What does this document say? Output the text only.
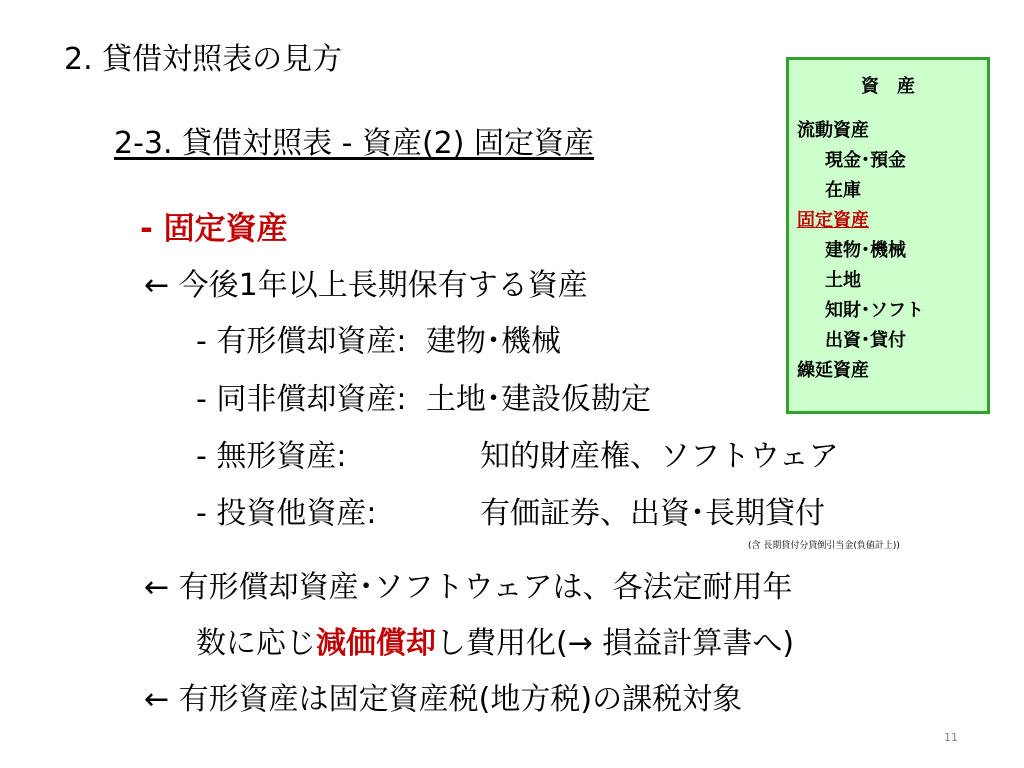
2. 貸借対照表の見方
2-3. 貸借対照表 - 資産(2) 固定資産
- 固定資産
← 今後1年以上長期保有する資産
- 有形償却資産: 建物･機械
- 同非償却資産: 土地･建設仮勘定
- 無形資産:	知的財産権、ソフトウェア
- 投資他資産:	有価証券、出資･長期貸付
(含 長期貸付分貸倒引当金(負値計上))
← 有形償却資産･ソフトウェアは、各法定耐用年
数に応じ減価償却し費用化(→ 損益計算書へ)
← 有形資産は固定資産税(地方税)の課税対象
11
資　産
流動資産
現金･預金
在庫
固定資産
建物･機械
土地
知財･ソフト
出資･貸付
繰延資産
